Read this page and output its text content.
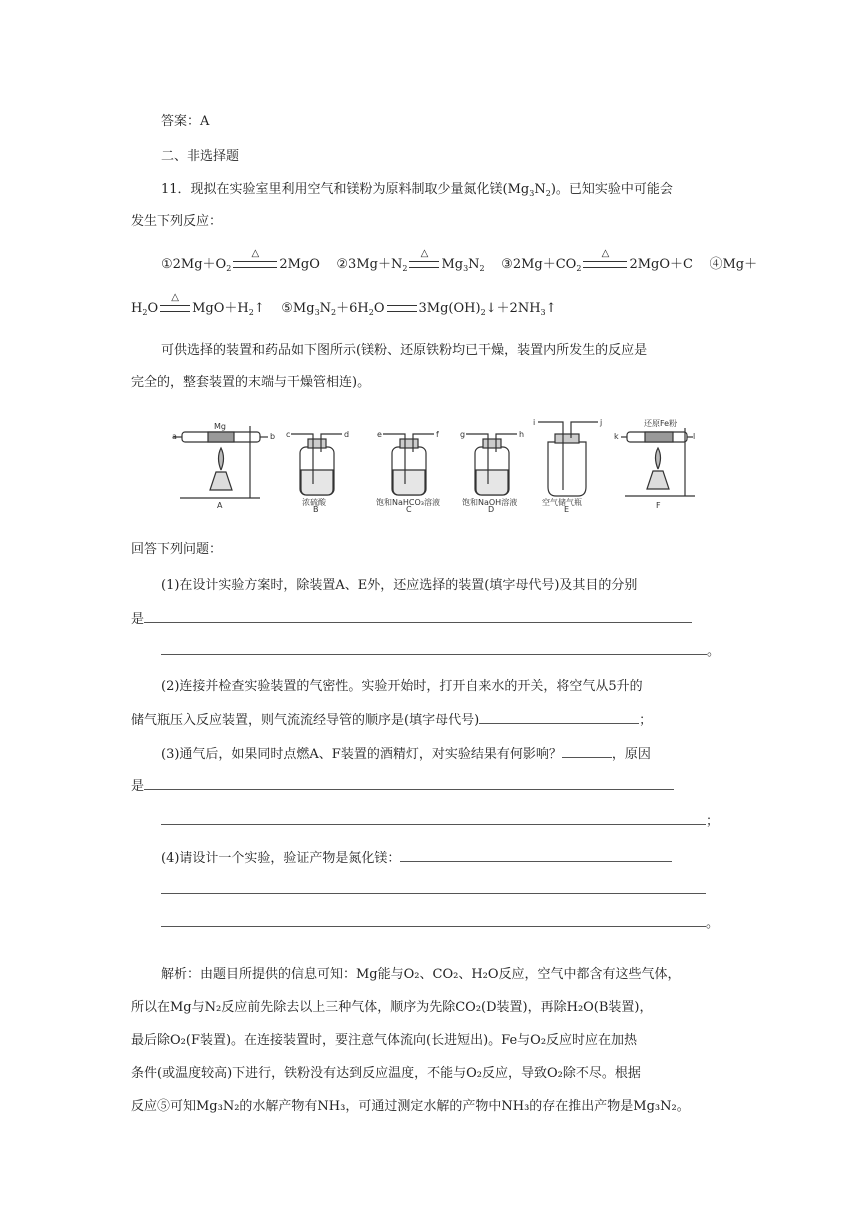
答案：A
二、非选择题
11．现拟在实验室里利用空气和镁粉为原料制取少量氮化镁$(Mg_3N_2)$。已知实验中可能会
发生下列反应：
$①2Mg+O_2$
△
2MgO $②3Mg+N_2$
△
$Mg_3N_2$ $③2Mg+CO_2$
△
2MgO＋C ④Mg＋
$H_2O$
△
$MgO+H_2↑$ $⑤Mg_3N_2+6H_2O$	$3Mg(OH)_2↓+2NH_3↑$
可供选择的装置和药品如下图所示(镁粉、还原铁粉均已干燥，装置内所发生的反应是
完全的，整套装置的末端与干燥管相连)。
a	b
Mg
A
c	d
浓硫酸
B
e	f
饱和NaHCO₃溶液
C
g	h
饱和NaOH溶液
D
i	j
空气储气瓶
E
k	l
还原Fe粉
F
回答下列问题：
(1)在设计实验方案时，除装置A、E外，还应选择的装置(填字母代号)及其目的分别
是
。
(2)连接并检查实验装置的气密性。实验开始时，打开自来水的开关，将空气从5升的
储气瓶压入反应装置，则气流流经导管的顺序是(填字母代号)	；
(3)通气后，如果同时点燃A、F装置的酒精灯，对实验结果有何影响？	，原因
是
；
(4)请设计一个实验，验证产物是氮化镁：
。
解析：由题目所提供的信息可知：Mg能与O₂、CO₂、H₂O反应，空气中都含有这些气体，
所以在Mg与N₂反应前先除去以上三种气体，顺序为先除CO₂(D装置)，再除H₂O(B装置)，
最后除O₂(F装置)。在连接装置时，要注意气体流向(长进短出)。Fe与O₂反应时应在加热
条件(或温度较高)下进行，铁粉没有达到反应温度，不能与O₂反应，导致O₂除不尽。根据
反应⑤可知Mg₃N₂的水解产物有NH₃，可通过测定水解的产物中NH₃的存在推出产物是Mg₃N₂。
